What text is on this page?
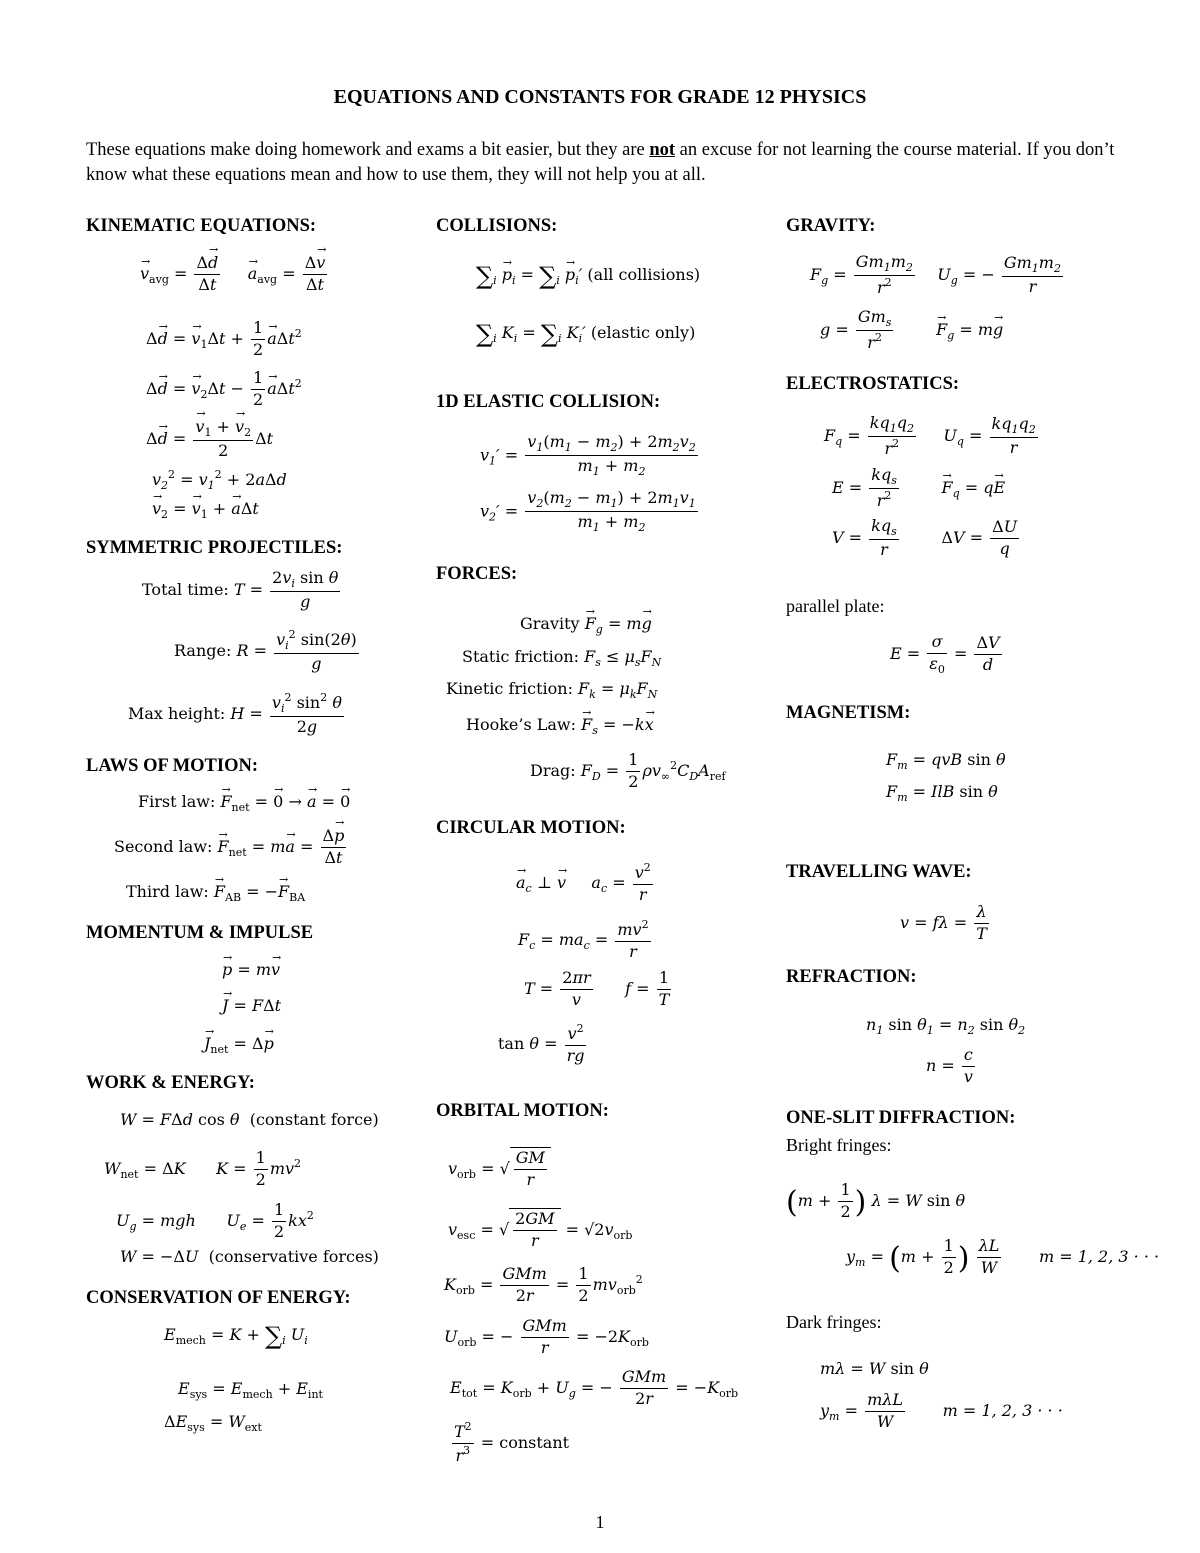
EQUATIONS AND CONSTANTS FOR GRADE 12 PHYSICS
These equations make doing homework and exams a bit easier, but they are not an excuse for not learning the course material. If you don’t know what these equations mean and how to use them, they will not help you at all.
KINEMATIC EQUATIONS:
→ $v_{avg} = \frac{\Delta\to d}{\Delta t}$
→ $a_{avg} = \frac{\Delta\to v}{\Delta t}$
Δ→ d = → $v_1\Delta t + \frac{1}{2}$
→ aΔt$^2$
Δ→ d = → $v_2\Delta t - \frac{1}{2}$
→ aΔt$^2$
Δ→ d =
→ $\frac{v_1 + \to v_2}{2}$ Δt
$v_2^2 = v_1^2 + 2a\Delta d$
→ $v_2$ = → $v_1$ + → aΔt
SYMMETRIC PROJECTILES:
Total time: $T = \frac{2v_i \sin \theta}{g}$
Range: $R = \frac{v_i^2 \sin(2\theta)}{g}$
Max height: $H = \frac{v_i^2 \sin^2 \theta}{2g}$
LAWS OF MOTION:
First law: → $F_{net}$ = → 0 → → a = → 0
Second law: → $F_{net} = m\to a = \frac{\Delta\to p}{\Delta t}$
Third law: → $F_{AB}$ = −→ $F_{BA}$
MOMENTUM & IMPULSE
→ p = m→ v
→ J = FΔt
→ $J_{net} = \Delta\to p$
WORK & ENERGY:
W = FΔd cos θ  (constant force)
$W_{net} = \Delta K$      $K = \frac{1}{2} mv^2$
$U_g$ = mgh      $U_e = \frac{1}{2} kx^2$
W = −ΔU  (conservative forces)
CONSERVATION OF ENERGY:
$E_{mech} = K + \sum_i$ $U_i$
$E_{sys} = E_{mech} + E_{int}$
$\Delta E_{sys} = W_{ext}$
COLLISIONS:
$\sum_i \to p_i = \sum_i \to p_i'$ (all collisions)
$\sum_i$ $K_i = \sum_i$ $K_i'$ (elastic only)
1D ELASTIC COLLISION:
$v_1' = \frac{v_1(m_1 - m_2) + 2m_2v_2}{m_1 + m_2}$
$v_2' = \frac{v_2(m_2 - m_1) + 2m_1v_1}{m_1 + m_2}$
FORCES:
Gravity → $F_g = m\to g$
Static friction: $F_s \le \mu_sF_N$
Kinetic friction: $F_k = \mu_kF_N$
Hooke’s Law: → $F_s = -k\to x$
Drag: $F_D = \frac{1}{2} \rho v_\infty^2C_DA_{ref}$
CIRCULAR MOTION:
→ $a_c$ ⊥ → v     $a_c = \frac{v^2}{r}$
$F_c = ma_c = \frac{mv^2}{r}$
$T = \frac{2\pi r}{v}$ $f = \frac{1}{T}$
$\tan \theta = \frac{v^2}{rg}$
ORBITAL MOTION:
$v_{orb}$ = √ $\frac{GM}{r}$
$v_{esc}$ = √ $\frac{2GM}{r} = √2v_{orb}$
$K_{orb} = \frac{\text{GMm}}{2r} = \frac{1}{2} mv_{orb}^2$
$U_{orb}$ = − $\frac{\text{GMm}}{r} = -2K_{orb}$
$E_{tot} = K_{orb} + U_g$ = − $\frac{\text{GMm}}{2r} = -K_{orb}$
$\frac{T^2}{r^3}$ = constant
GRAVITY:
$F_g = \frac{Gm_1m_2}{r^2} U_g$ = − $\frac{Gm_1m_2}{r}$
$g = \frac{Gm_s}{r^2}$
→	$F_g = m\to g$
ELECTROSTATICS:
$F_q = \frac{kq_1q_2}{r^2} U_q = \frac{kq_1q_2}{r}$
$E = \frac{kq_s}{r^2}$
→	$F_q = q\to E$
$V = \frac{kq_s}{r}$	$\Delta V = \frac{\Delta U}{q}$
parallel plate:
$E = \frac{\sigma}{\varepsilon_0} = \frac{\Delta V}{d}$
MAGNETISM:
$F_m$ = qvB sin θ
$F_m$ = IlB sin θ
TRAVELLING WAVE:
$v = f\lambda = \frac{\lambda}{T}$
REFRACTION:
$n_1$ $\sin \theta_1 = n_2$ $\sin \theta_2$
$n = \frac{c}{v}$
ONE-SLIT DIFFRACTION:
Bright fringes:
($m + \frac{1}{2}$ ) λ = W sin θ
$y_m = (m + \frac{1}{2}$ ) $\frac{\lambda L}{W}$ m = 1, 2, 3 · · ·
Dark fringes:
mλ = W sin θ
$y_m = \frac{\text{mλL}}{W}$ m = 1, 2, 3 · · ·
1
